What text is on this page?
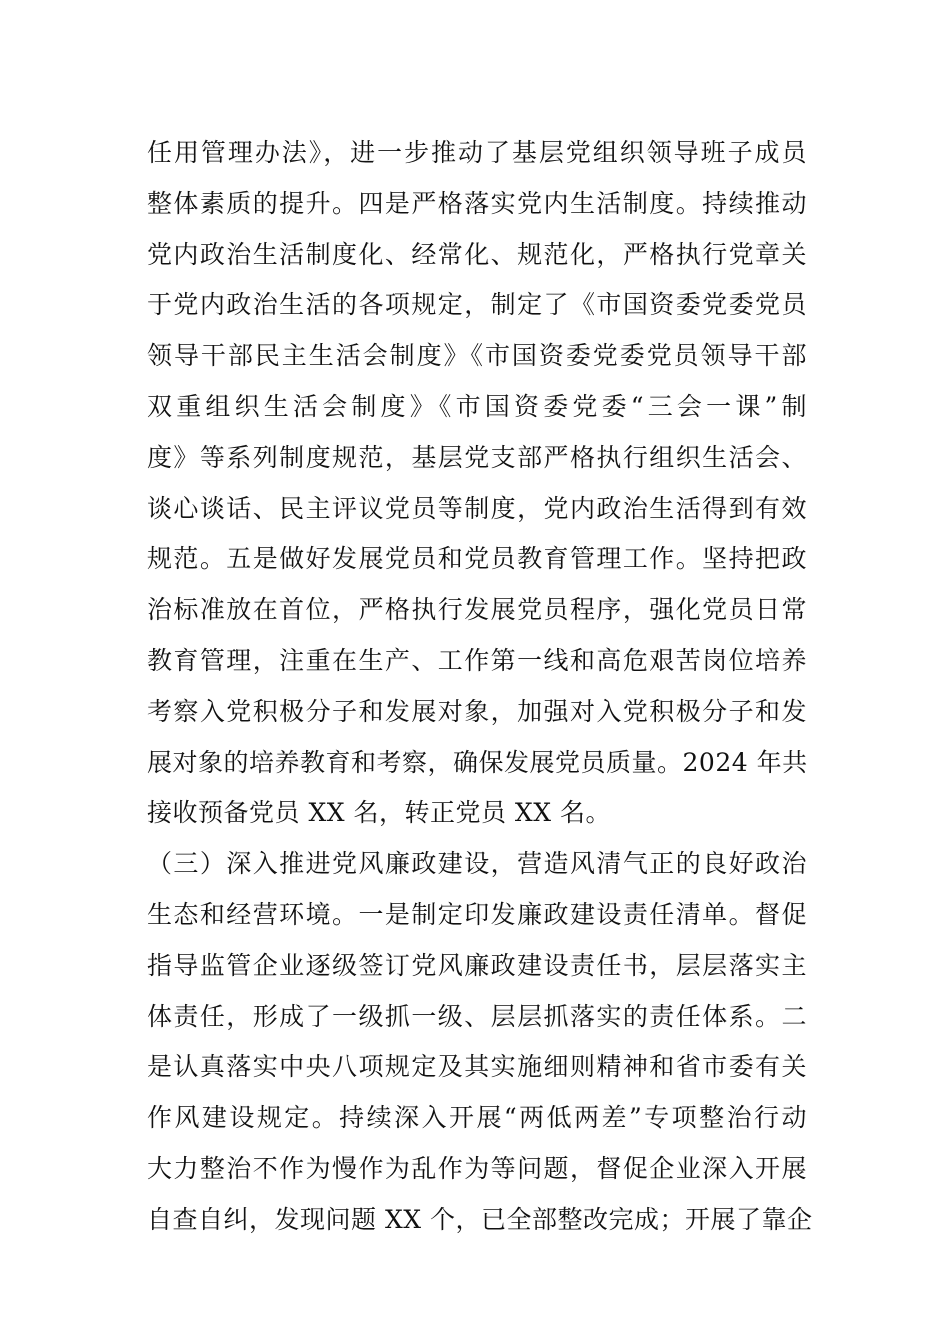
任用管理办法》，进一步推动了基层党组织领导班子成员
整体素质的提升。四是严格落实党内生活制度。持续推动
党内政治生活制度化、经常化、规范化，严格执行党章关
于党内政治生活的各项规定，制定了《市国资委党委党员
领导干部民主生活会制度》《市国资委党委党员领导干部
双重组织生活会制度》《市国资委党委“三会一课”制
度》等系列制度规范，基层党支部严格执行组织生活会、
谈心谈话、民主评议党员等制度，党内政治生活得到有效
规范。五是做好发展党员和党员教育管理工作。坚持把政
治标准放在首位，严格执行发展党员程序，强化党员日常
教育管理，注重在生产、工作第一线和高危艰苦岗位培养
考察入党积极分子和发展对象，加强对入党积极分子和发
展对象的培养教育和考察，确保发展党员质量。2024 年共
接收预备党员 XX 名，转正党员 XX 名。
（三）深入推进党风廉政建设，营造风清气正的良好政治
生态和经营环境。一是制定印发廉政建设责任清单。督促
指导监管企业逐级签订党风廉政建设责任书，层层落实主
体责任，形成了一级抓一级、层层抓落实的责任体系。二
是认真落实中央八项规定及其实施细则精神和省市委有关
作风建设规定。持续深入开展“两低两差”专项整治行动
大力整治不作为慢作为乱作为等问题，督促企业深入开展
自查自纠，发现问题 XX 个，已全部整改完成；开展了靠企
